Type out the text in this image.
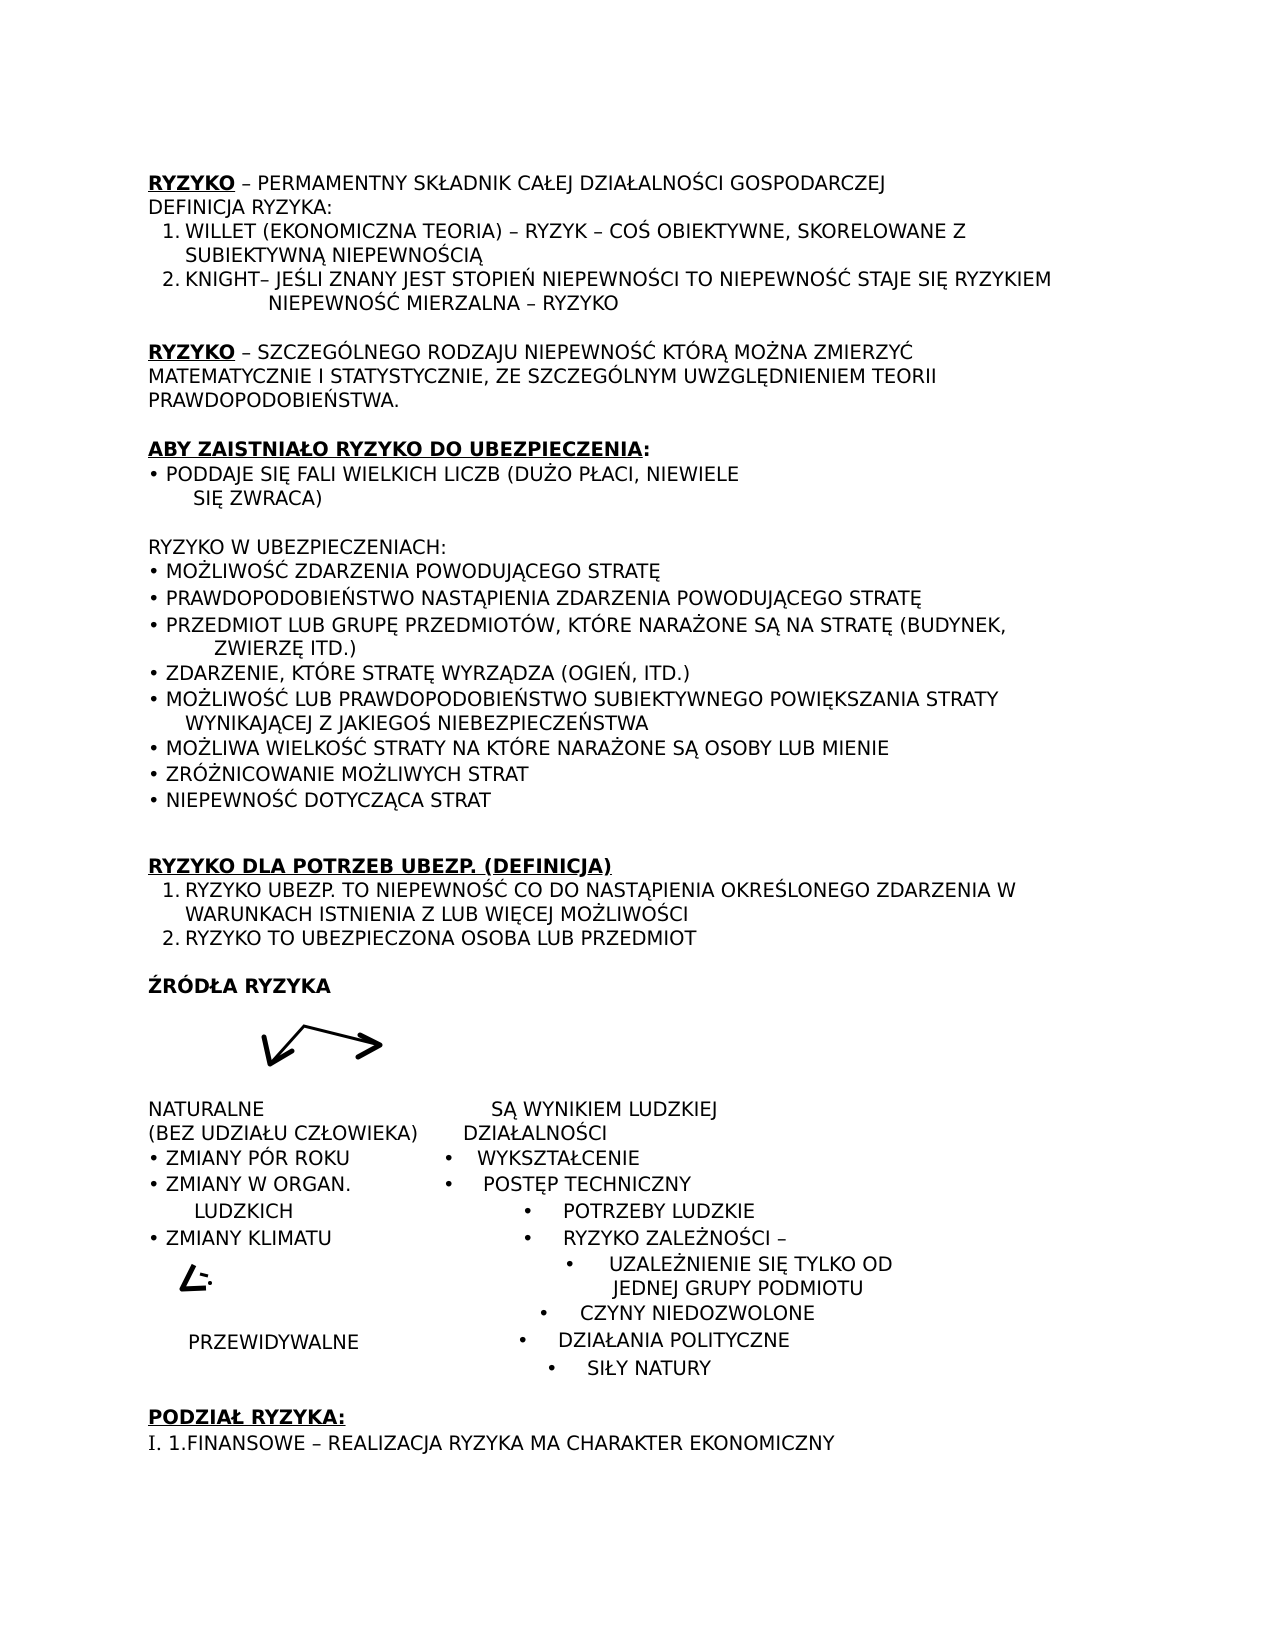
RYZYKO – PERMAMENTNY SKŁADNIK CAŁEJ DZIAŁALNOŚCI GOSPODARCZEJ
DEFINICJA RYZYKA:
1. WILLET (EKONOMICZNA TEORIA) – RYZYK – COŚ OBIEKTYWNE, SKORELOWANE Z
SUBIEKTYWNĄ NIEPEWNOŚCIĄ
2. KNIGHT– JEŚLI ZNANY JEST STOPIEŃ NIEPEWNOŚCI TO NIEPEWNOŚĆ STAJE SIĘ RYZYKIEM
NIEPEWNOŚĆ MIERZALNA – RYZYKO
RYZYKO – SZCZEGÓLNEGO RODZAJU NIEPEWNOŚĆ KTÓRĄ MOŻNA ZMIERZYĆ
MATEMATYCZNIE I STATYSTYCZNIE, ZE SZCZEGÓLNYM UWZGLĘDNIENIEM TEORII
PRAWDOPODOBIEŃSTWA.
ABY ZAISTNIAŁO RYZYKO DO UBEZPIECZENIA:
• PODDAJE SIĘ FALI WIELKICH LICZB (DUŻO PŁACI, NIEWIELE
SIĘ ZWRACA)
RYZYKO W UBEZPIECZENIACH:
• MOŻLIWOŚĆ ZDARZENIA POWODUJĄCEGO STRATĘ
• PRAWDOPODOBIEŃSTWO NASTĄPIENIA ZDARZENIA POWODUJĄCEGO STRATĘ
• PRZEDMIOT LUB GRUPĘ PRZEDMIOTÓW, KTÓRE NARAŻONE SĄ NA STRATĘ (BUDYNEK,
ZWIERZĘ ITD.)
• ZDARZENIE, KTÓRE STRATĘ WYRZĄDZA (OGIEŃ, ITD.)
• MOŻLIWOŚĆ LUB PRAWDOPODOBIEŃSTWO SUBIEKTYWNEGO POWIĘKSZANIA STRATY
WYNIKAJĄCEJ Z JAKIEGOŚ NIEBEZPIECZEŃSTWA
• MOŻLIWA WIELKOŚĆ STRATY NA KTÓRE NARAŻONE SĄ OSOBY LUB MIENIE
• ZRÓŻNICOWANIE MOŻLIWYCH STRAT
• NIEPEWNOŚĆ DOTYCZĄCA STRAT
RYZYKO DLA POTRZEB UBEZP. (DEFINICJA)
1. RYZYKO UBEZP. TO NIEPEWNOŚĆ CO DO NASTĄPIENIA OKREŚLONEGO ZDARZENIA W
WARUNKACH ISTNIENIA Z LUB WIĘCEJ MOŻLIWOŚCI
2. RYZYKO TO UBEZPIECZONA OSOBA LUB PRZEDMIOT
ŹRÓDŁA RYZYKA
NATURALNE
(BEZ UDZIAŁU CZŁOWIEKA)
• ZMIANY PÓR ROKU
• ZMIANY W ORGAN.
LUDZKICH
• ZMIANY KLIMATU
PRZEWIDYWALNE
SĄ WYNIKIEM LUDZKIEJ
DZIAŁALNOŚCI
• WYKSZTAŁCENIE
• POSTĘP TECHNICZNY
• POTRZEBY LUDZKIE
• RYZYKO ZALEŻNOŚCI –
• UZALEŻNIENIE SIĘ TYLKO OD
JEDNEJ GRUPY PODMIOTU
• CZYNY NIEDOZWOLONE
• DZIAŁANIA POLITYCZNE
• SIŁY NATURY
PODZIAŁ RYZYKA:
I. 1.FINANSOWE – REALIZACJA RYZYKA MA CHARAKTER EKONOMICZNY
